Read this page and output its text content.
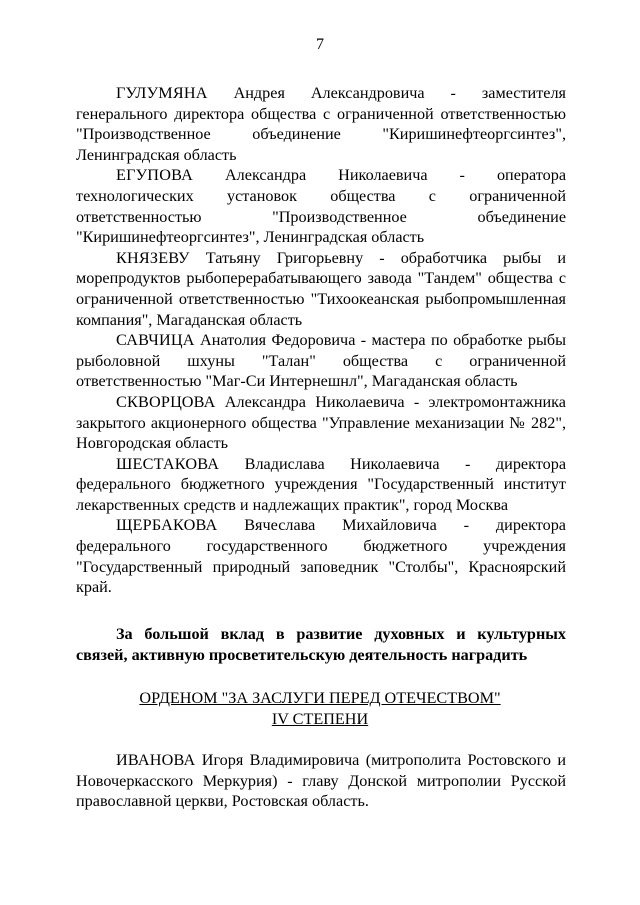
7

ГУЛУМЯНА Андрея Александровича - заместителя генерального директора общества с ограниченной ответственностью "Производственное объединение "Киришинефтеоргсинтез", Ленинградская область

ЕГУПОВА Александра Николаевича - оператора технологических установок общества с ограниченной ответственностью "Производственное объединение "Киришинефтеоргсинтез", Ленинградская область

КНЯЗЕВУ Татьяну Григорьевну - обработчика рыбы и морепродуктов рыбоперерабатывающего завода "Тандем" общества с ограниченной ответственностью "Тихоокеанская рыбопромышленная компания", Магаданская область

САВЧИЦА Анатолия Федоровича - мастера по обработке рыбы рыболовной шхуны "Талан" общества с ограниченной ответственностью "Маг-Си Интернешнл", Магаданская область

СКВОРЦОВА Александра Николаевича - электромонтажника закрытого акционерного общества "Управление механизации № 282", Новгородская область

ШЕСТАКОВА Владислава Николаевича - директора федерального бюджетного учреждения "Государственный институт лекарственных средств и надлежащих практик", город Москва

ЩЕРБАКОВА Вячеслава Михайловича - директора федерального государственного бюджетного учреждения "Государственный природный заповедник "Столбы", Красноярский край.

За большой вклад в развитие духовных и культурных связей, активную просветительскую деятельность наградить

ОРДЕНОМ "ЗА ЗАСЛУГИ ПЕРЕД ОТЕЧЕСТВОМ"
IV СТЕПЕНИ

ИВАНОВА Игоря Владимировича (митрополита Ростовского и Новочеркасского Меркурия) - главу Донской митрополии Русской православной церкви, Ростовская область.
